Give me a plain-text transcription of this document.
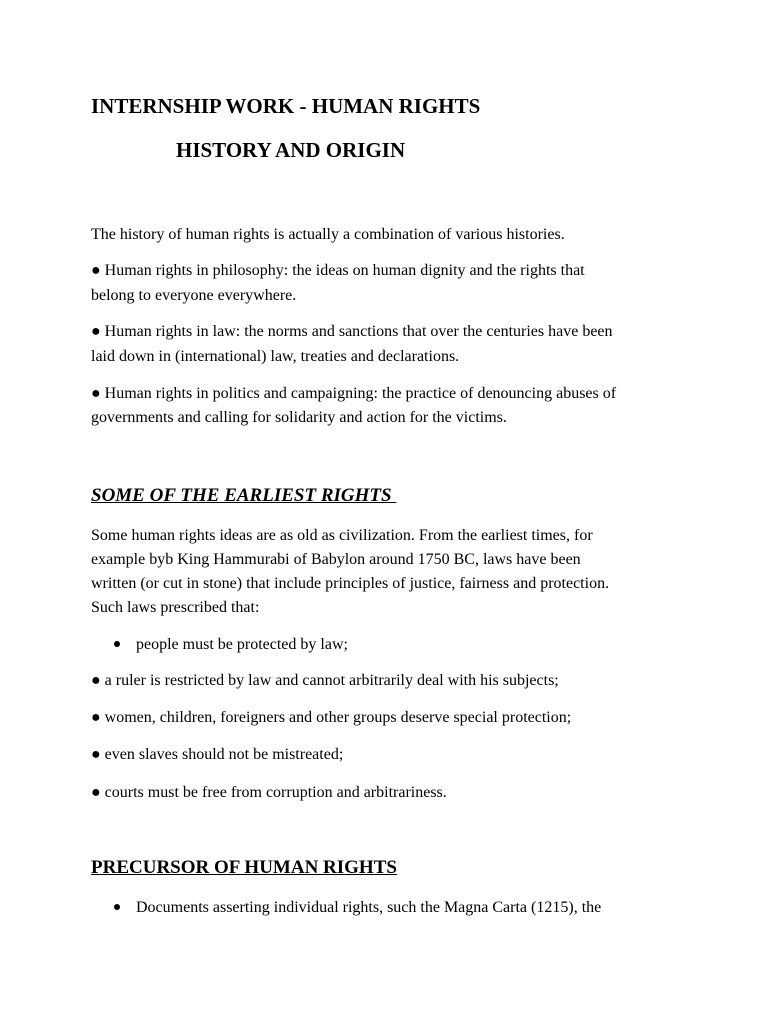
INTERNSHIP WORK - HUMAN RIGHTS
HISTORY AND ORIGIN
The history of human rights is actually a combination of various histories.
● Human rights in philosophy: the ideas on human dignity and the rights that
belong to everyone everywhere.
● Human rights in law: the norms and sanctions that over the centuries have been
laid down in (international) law, treaties and declarations.
● Human rights in politics and campaigning: the practice of denouncing abuses of
governments and calling for solidarity and action for the victims.
SOME OF THE EARLIEST RIGHTS
Some human rights ideas are as old as civilization. From the earliest times, for
example byb King Hammurabi of Babylon around 1750 BC, laws have been
written (or cut in stone) that include principles of justice, fairness and protection.
Such laws prescribed that:
people must be protected by law;
● a ruler is restricted by law and cannot arbitrarily deal with his subjects;
● women, children, foreigners and other groups deserve special protection;
● even slaves should not be mistreated;
● courts must be free from corruption and arbitrariness.
PRECURSOR OF HUMAN RIGHTS
Documents asserting individual rights, such the Magna Carta (1215), the
